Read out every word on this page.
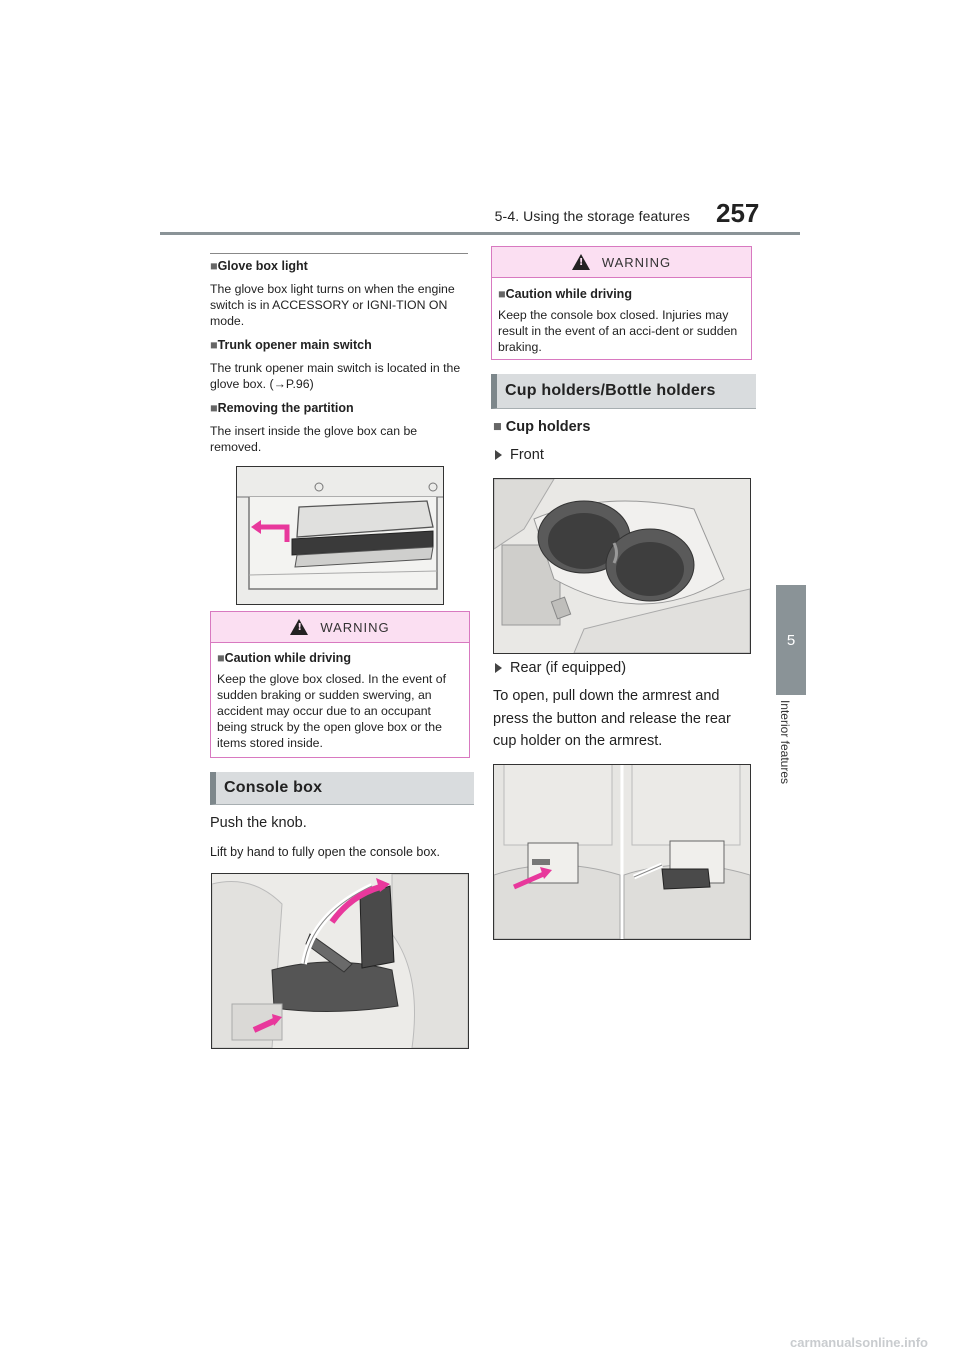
5-4. Using the storage features 257
5
Interior features
■Glove box light
The glove box light turns on when the engine switch is in ACCESSORY or IGNI-TION ON mode.
■Trunk opener main switch
The trunk opener main switch is located in the glove box. (→P.96)
■Removing the partition
The insert inside the glove box can be removed.
! WARNING
■Caution while driving
Keep the glove box closed. In the event of sudden braking or sudden swerving, an accident may occur due to an occupant being struck by the open glove box or the items stored inside.
Console box
Push the knob.
Lift by hand to fully open the console box.
! WARNING
■Caution while driving
Keep the console box closed. Injuries may result in the event of an acci-dent or sudden braking.
Cup holders/Bottle holders
■ Cup holders
Front
Rear (if equipped)
To open, pull down the armrest and press the button and release the rear cup holder on the armrest.
carmanualsonline.info
